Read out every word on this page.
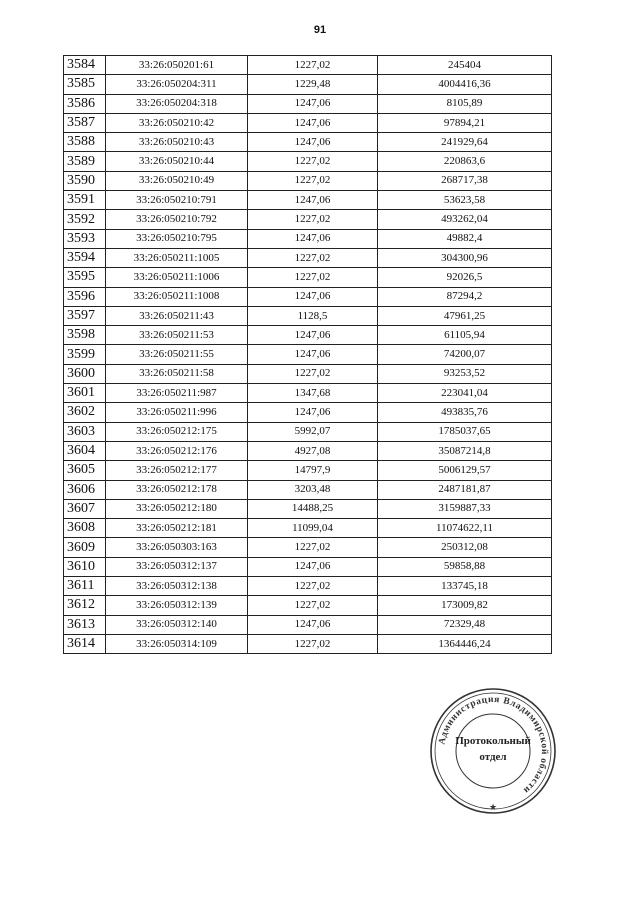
91
3584	33:26:050201:61	1227,02	245404
3585	33:26:050204:311	1229,48	4004416,36
3586	33:26:050204:318	1247,06	8105,89
3587	33:26:050210:42	1247,06	97894,21
3588	33:26:050210:43	1247,06	241929,64
3589	33:26:050210:44	1227,02	220863,6
3590	33:26:050210:49	1227,02	268717,38
3591	33:26:050210:791	1247,06	53623,58
3592	33:26:050210:792	1227,02	493262,04
3593	33:26:050210:795	1247,06	49882,4
3594	33:26:050211:1005	1227,02	304300,96
3595	33:26:050211:1006	1227,02	92026,5
3596	33:26:050211:1008	1247,06	87294,2
3597	33:26:050211:43	1128,5	47961,25
3598	33:26:050211:53	1247,06	61105,94
3599	33:26:050211:55	1247,06	74200,07
3600	33:26:050211:58	1227,02	93253,52
3601	33:26:050211:987	1347,68	223041,04
3602	33:26:050211:996	1247,06	493835,76
3603	33:26:050212:175	5992,07	1785037,65
3604	33:26:050212:176	4927,08	35087214,8
3605	33:26:050212:177	14797,9	5006129,57
3606	33:26:050212:178	3203,48	2487181,87
3607	33:26:050212:180	14488,25	3159887,33
3608	33:26:050212:181	11099,04	11074622,11
3609	33:26:050303:163	1227,02	250312,08
3610	33:26:050312:137	1247,06	59858,88
3611	33:26:050312:138	1227,02	133745,18
3612	33:26:050312:139	1227,02	173009,82
3613	33:26:050312:140	1247,06	72329,48
3614	33:26:050314:109	1227,02	1364446,24
Администрация Владимирской области
★
Протокольный
отдел
